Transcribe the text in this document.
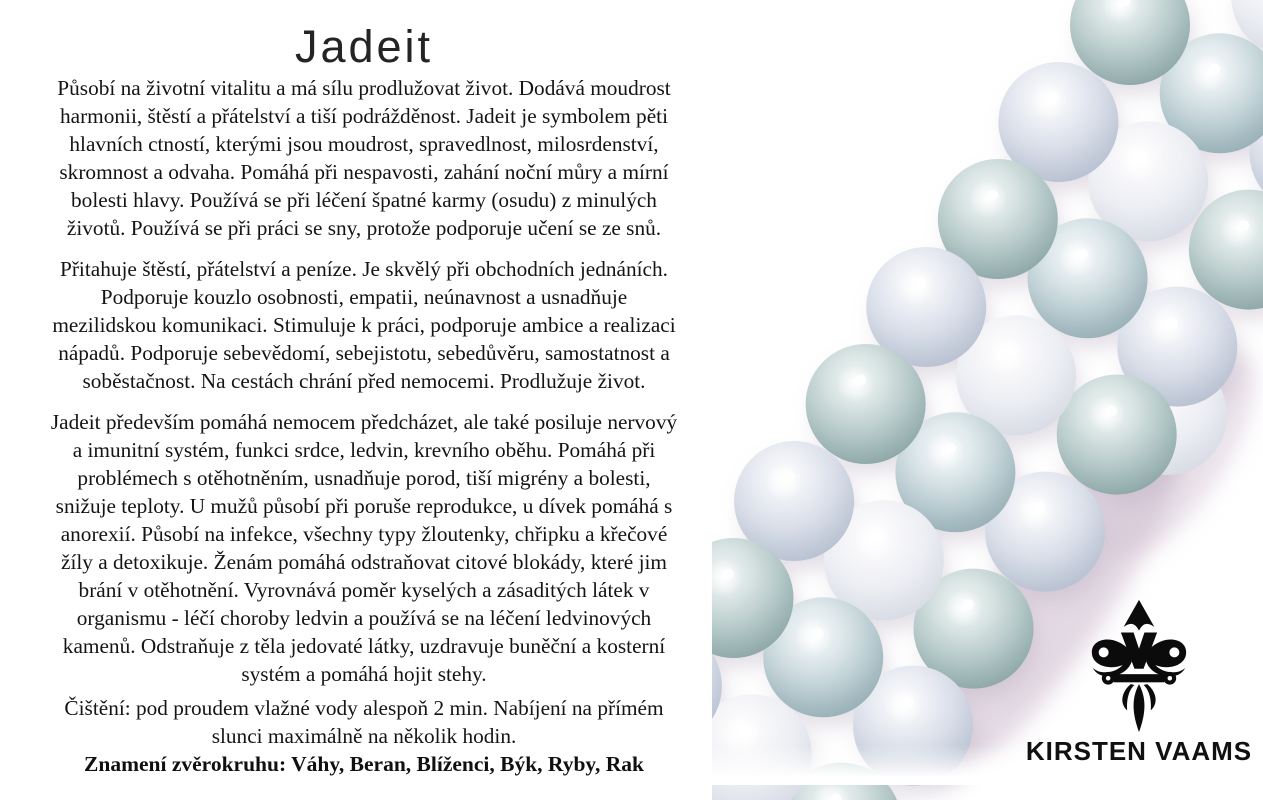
Jadeit
Působí na životní vitalitu a má sílu prodlužovat život. Dodává moudrost
harmonii, štěstí a přátelství a tiší podrážděnost. Jadeit je symbolem pěti
hlavních ctností, kterými jsou moudrost, spravedlnost, milosrdenství,
skromnost a odvaha. Pomáhá při nespavosti, zahání noční můry a mírní
bolesti hlavy. Používá se při léčení špatné karmy (osudu) z minulých
životů. Používá se při práci se sny, protože podporuje učení se ze snů.
Přitahuje štěstí, přátelství a peníze. Je skvělý při obchodních jednáních.
Podporuje kouzlo osobnosti, empatii, neúnavnost a usnadňuje
mezilidskou komunikaci. Stimuluje k práci, podporuje ambice a realizaci
nápadů. Podporuje sebevědomí, sebejistotu, sebedůvěru, samostatnost a
soběstačnost. Na cestách chrání před nemocemi. Prodlužuje život.
Jadeit především pomáhá nemocem předcházet, ale také posiluje nervový
a imunitní systém, funkci srdce, ledvin, krevního oběhu. Pomáhá při
problémech s otěhotněním, usnadňuje porod, tiší migrény a bolesti,
snižuje teploty. U mužů působí při poruše reprodukce, u dívek pomáhá s
anorexií. Působí na infekce, všechny typy žloutenky, chřipku a křečové
žíly a detoxikuje. Ženám pomáhá odstraňovat citové blokády, které jim
brání v otěhotnění. Vyrovnává poměr kyselých a zásaditých látek v
organismu - léčí choroby ledvin a používá se na léčení ledvinových
kamenů. Odstraňuje z těla jedovaté látky, uzdravuje buněční a kosterní
systém a pomáhá hojit stehy.
Čištění: pod proudem vlažné vody alespoň 2 min. Nabíjení na přímém
slunci maximálně na několik hodin.
Znamení zvěrokruhu: Váhy, Beran, Blíženci, Býk, Ryby, Rak	KIRSTEN VAAMS
